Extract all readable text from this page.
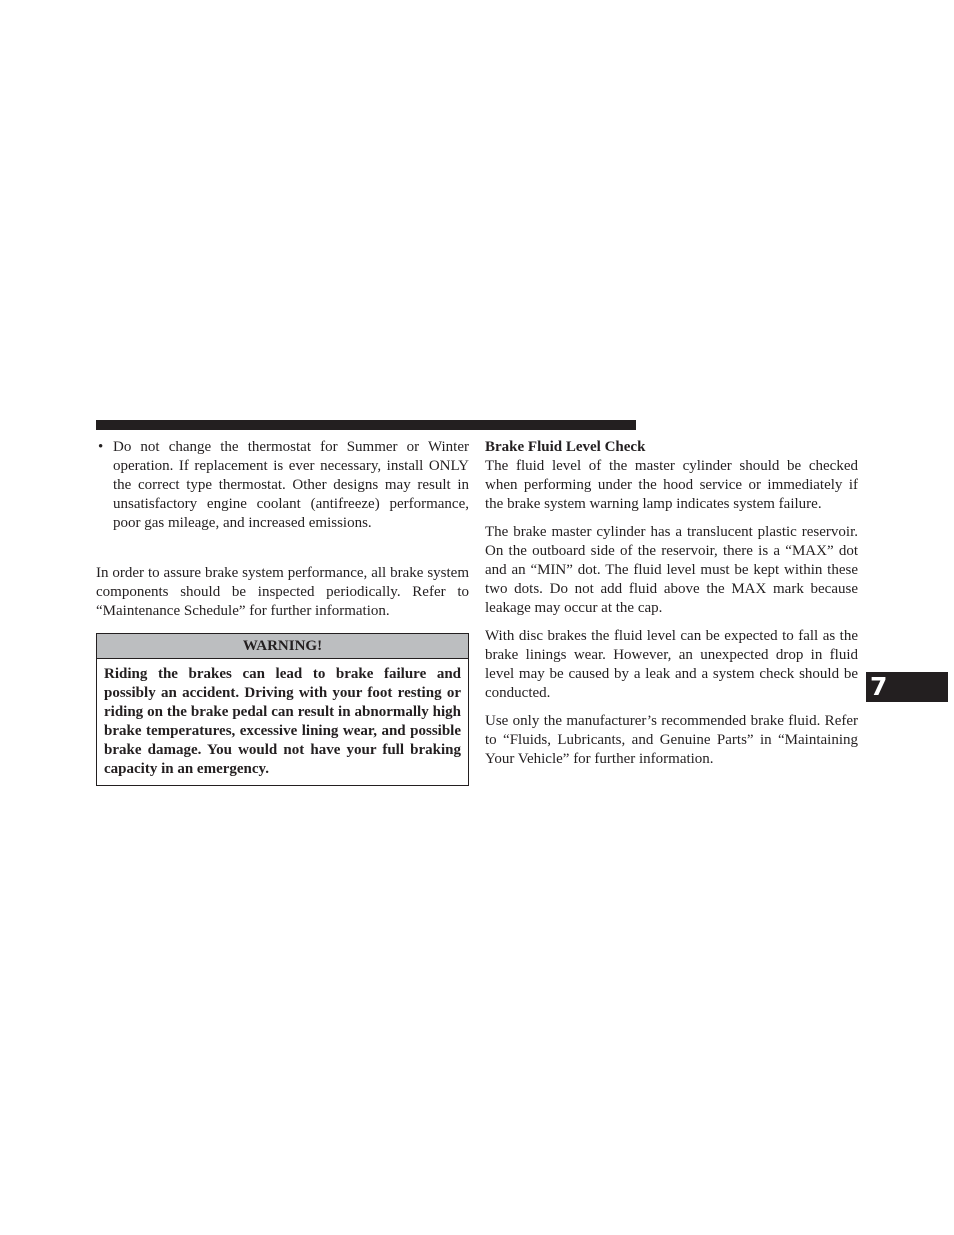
• Do not change the thermostat for Summer or Winter operation. If replacement is ever necessary, install ONLY the correct type thermostat. Other designs may result in unsatisfactory engine coolant (antifreeze) performance, poor gas mileage, and increased emissions.

In order to assure brake system performance, all brake system components should be inspected periodically. Refer to “Maintenance Schedule” for further information.

WARNING!
Riding the brakes can lead to brake failure and possibly an accident. Driving with your foot resting or riding on the brake pedal can result in abnormally high brake temperatures, excessive lining wear, and possible brake damage. You would not have your full braking capacity in an emergency.
Brake Fluid Level Check

The fluid level of the master cylinder should be checked when performing under the hood service or immediately if the brake system warning lamp indicates system failure.

The brake master cylinder has a translucent plastic reservoir. On the outboard side of the reservoir, there is a “MAX” dot and an “MIN” dot. The fluid level must be kept within these two dots. Do not add fluid above the MAX mark because leakage may occur at the cap.

With disc brakes the fluid level can be expected to fall as the brake linings wear. However, an unexpected drop in fluid level may be caused by a leak and a system check should be conducted.

Use only the manufacturer’s recommended brake fluid. Refer to “Fluids, Lubricants, and Genuine Parts” in “Maintaining Your Vehicle” for further information.

7
